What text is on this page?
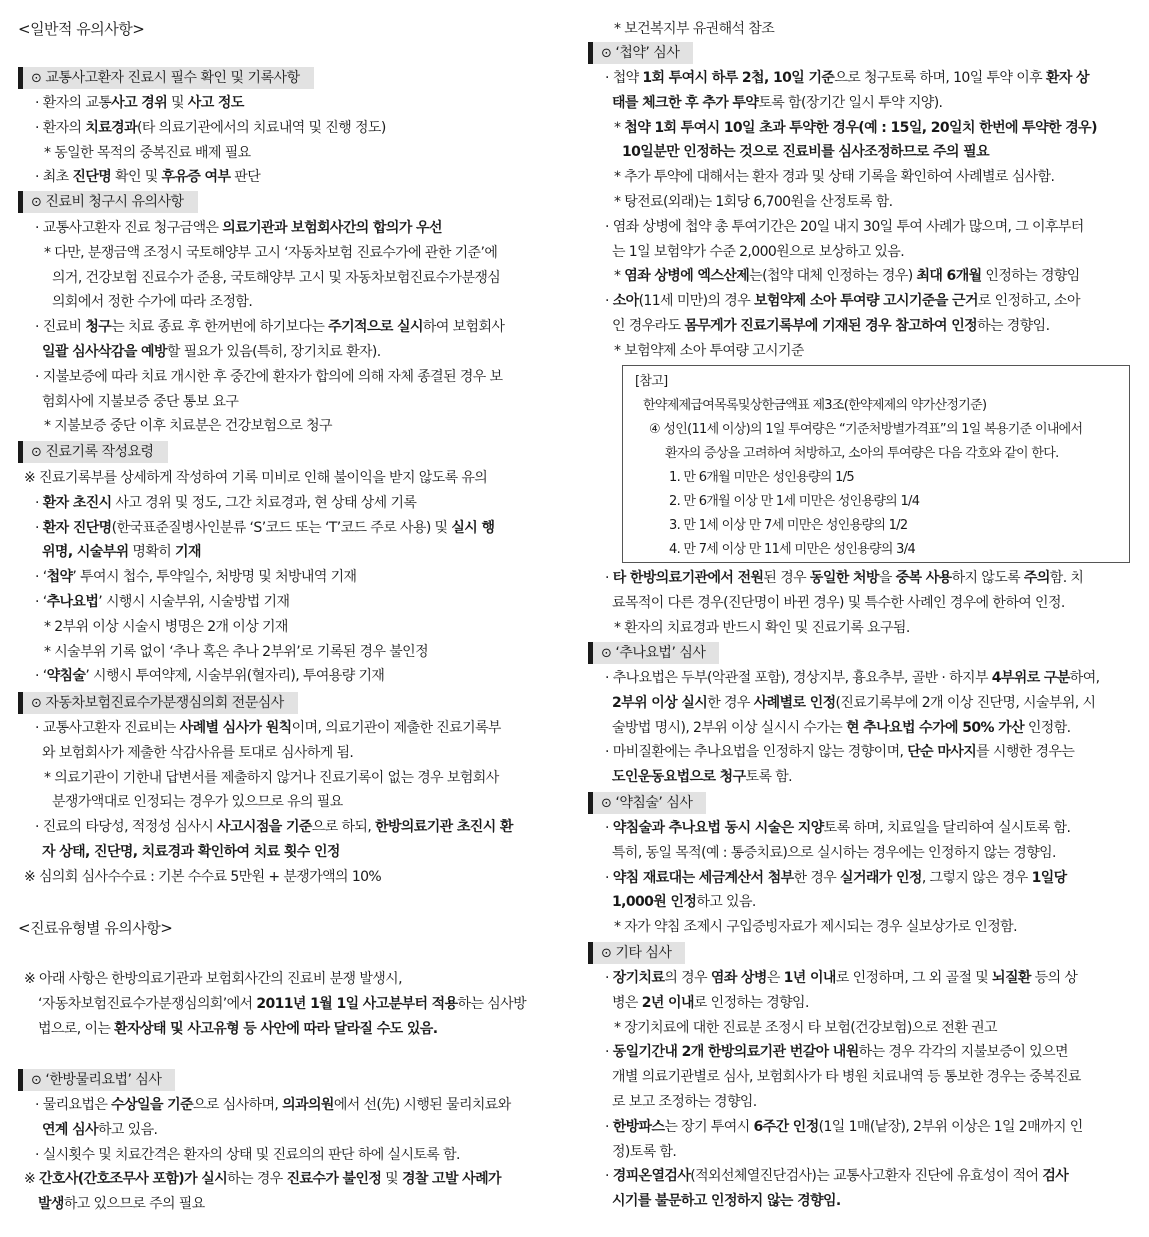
<일반적 유의사항>
⊙ 교통사고환자 진료시 필수 확인 및 기록사항
· 환자의 교통사고 경위 및 사고 정도
· 환자의 치료경과(타 의료기관에서의 치료내역 및 진행 정도)
* 동일한 목적의 중복진료 배제 필요
· 최초 진단명 확인 및 후유증 여부 판단
⊙ 진료비 청구시 유의사항
· 교통사고환자 진료 청구금액은 의료기관과 보험회사간의 합의가 우선
* 다만, 분쟁금액 조정시 국토해양부 고시 ‘자동차보험 진료수가에 관한 기준’에
의거, 건강보험 진료수가 준용, 국토해양부 고시 및 자동차보험진료수가분쟁심
의회에서 정한 수가에 따라 조정함.
· 진료비 청구는 치료 종료 후 한꺼번에 하기보다는 주기적으로 실시하여 보험회사
일괄 심사삭감을 예방할 필요가 있음(특히, 장기치료 환자).
· 지불보증에 따라 치료 개시한 후 중간에 환자가 합의에 의해 자체 종결된 경우 보
험회사에 지불보증 중단 통보 요구
* 지불보증 중단 이후 치료분은 건강보험으로 청구
⊙ 진료기록 작성요령
※ 진료기록부를 상세하게 작성하여 기록 미비로 인해 불이익을 받지 않도록 유의
· 환자 초진시 사고 경위 및 정도, 그간 치료경과, 현 상태 상세 기록
· 환자 진단명(한국표준질병사인분류 ‘S’코드 또는 ‘T’코드 주로 사용) 및 실시 행
위명, 시술부위 명확히 기재
· ‘첩약’ 투여시 첩수, 투약일수, 처방명 및 처방내역 기재
· ‘추나요법’ 시행시 시술부위, 시술방법 기재
* 2부위 이상 시술시 병명은 2개 이상 기재
* 시술부위 기록 없이 ‘추나 혹은 추나 2부위’로 기록된 경우 불인정
· ‘약침술’ 시행시 투여약제, 시술부위(혈자리), 투여용량 기재
⊙ 자동차보험진료수가분쟁심의회 전문심사
· 교통사고환자 진료비는 사례별 심사가 원칙이며, 의료기관이 제출한 진료기록부
와 보험회사가 제출한 삭감사유를 토대로 심사하게 됨.
* 의료기관이 기한내 답변서를 제출하지 않거나 진료기록이 없는 경우 보험회사
분쟁가액대로 인정되는 경우가 있으므로 유의 필요
· 진료의 타당성, 적정성 심사시 사고시점을 기준으로 하되, 한방의료기관 초진시 환
자 상태, 진단명, 치료경과 확인하여 치료 횟수 인정
※ 심의회 심사수수료 : 기본 수수료 5만원 + 분쟁가액의 10%
<진료유형별 유의사항>
※ 아래 사항은 한방의료기관과 보험회사간의 진료비 분쟁 발생시,
‘자동차보험진료수가분쟁심의회’에서 2011년 1월 1일 사고분부터 적용하는 심사방
법으로, 이는 환자상태 및 사고유형 등 사안에 따라 달라질 수도 있음.
⊙ ‘한방물리요법’ 심사
· 물리요법은 수상일을 기준으로 심사하며, 의과의원에서 선(先) 시행된 물리치료와
연계 심사하고 있음.
· 실시횟수 및 치료간격은 환자의 상태 및 진료의의 판단 하에 실시토록 함.
※ 간호사(간호조무사 포함)가 실시하는 경우 진료수가 불인정 및 경찰 고발 사례가
발생하고 있으므로 주의 필요
* 보건복지부 유권해석 참조
⊙ ‘첩약’ 심사
· 첩약 1회 투여시 하루 2첩, 10일 기준으로 청구토록 하며, 10일 투약 이후 환자 상
태를 체크한 후 추가 투약토록 함(장기간 일시 투약 지양).
* 첩약 1회 투여시 10일 초과 투약한 경우(예 : 15일, 20일치 한번에 투약한 경우)
10일분만 인정하는 것으로 진료비를 심사조정하므로 주의 필요
* 추가 투약에 대해서는 환자 경과 및 상태 기록을 확인하여 사례별로 심사함.
* 탕전료(외래)는 1회당 6,700원을 산정토록 함.
· 염좌 상병에 첩약 총 투여기간은 20일 내지 30일 투여 사례가 많으며, 그 이후부터
는 1일 보험약가 수준 2,000원으로 보상하고 있음.
* 염좌 상병에 엑스산제는(첩약 대체 인정하는 경우) 최대 6개월 인정하는 경향임
· 소아(11세 미만)의 경우 보험약제 소아 투여량 고시기준을 근거로 인정하고, 소아
인 경우라도 몸무게가 진료기록부에 기재된 경우 참고하여 인정하는 경향임.
* 보험약제 소아 투여량 고시기준
[참고]
한약제제급여목록및상한금액표 제3조(한약제제의 약가산정기준)
④ 성인(11세 이상)의 1일 투여량은 “기준처방별가격표”의 1일 복용기준 이내에서
환자의 증상을 고려하여 처방하고, 소아의 투여량은 다음 각호와 같이 한다.
1. 만 6개월 미만은 성인용량의 1/5
2. 만 6개월 이상 만 1세 미만은 성인용량의 1/4
3. 만 1세 이상 만 7세 미만은 성인용량의 1/2
4. 만 7세 이상 만 11세 미만은 성인용량의 3/4
· 타 한방의료기관에서 전원된 경우 동일한 처방을 중복 사용하지 않도록 주의함. 치
료목적이 다른 경우(진단명이 바뀐 경우) 및 특수한 사례인 경우에 한하여 인정.
* 환자의 치료경과 반드시 확인 및 진료기록 요구됨.
⊙ ‘추나요법’ 심사
· 추나요법은 두부(악관절 포함), 경상지부, 흉요추부, 골반 · 하지부 4부위로 구분하여,
2부위 이상 실시한 경우 사례별로 인정(진료기록부에 2개 이상 진단명, 시술부위, 시
술방법 명시), 2부위 이상 실시시 수가는 현 추나요법 수가에 50% 가산 인정함.
· 마비질환에는 추나요법을 인정하지 않는 경향이며, 단순 마사지를 시행한 경우는
도인운동요법으로 청구토록 함.
⊙ ‘약침술’ 심사
· 약침술과 추나요법 동시 시술은 지양토록 하며, 치료일을 달리하여 실시토록 함.
특히, 동일 목적(예 : 통증치료)으로 실시하는 경우에는 인정하지 않는 경향임.
· 약침 재료대는 세금계산서 첨부한 경우 실거래가 인정, 그렇지 않은 경우 1일당
1,000원 인정하고 있음.
* 자가 약침 조제시 구입증빙자료가 제시되는 경우 실보상가로 인정함.
⊙ 기타 심사
· 장기치료의 경우 염좌 상병은 1년 이내로 인정하며, 그 외 골절 및 뇌질환 등의 상
병은 2년 이내로 인정하는 경향임.
* 장기치료에 대한 진료분 조정시 타 보험(건강보험)으로 전환 권고
· 동일기간내 2개 한방의료기관 번갈아 내원하는 경우 각각의 지불보증이 있으면
개별 의료기관별로 심사, 보험회사가 타 병원 치료내역 등 통보한 경우는 중복진료
로 보고 조정하는 경향임.
· 한방파스는 장기 투여시 6주간 인정(1일 1매(낱장), 2부위 이상은 1일 2매까지 인
정)토록 함.
· 경피온열검사(적외선체열진단검사)는 교통사고환자 진단에 유효성이 적어 검사
시기를 불문하고 인정하지 않는 경향임.
